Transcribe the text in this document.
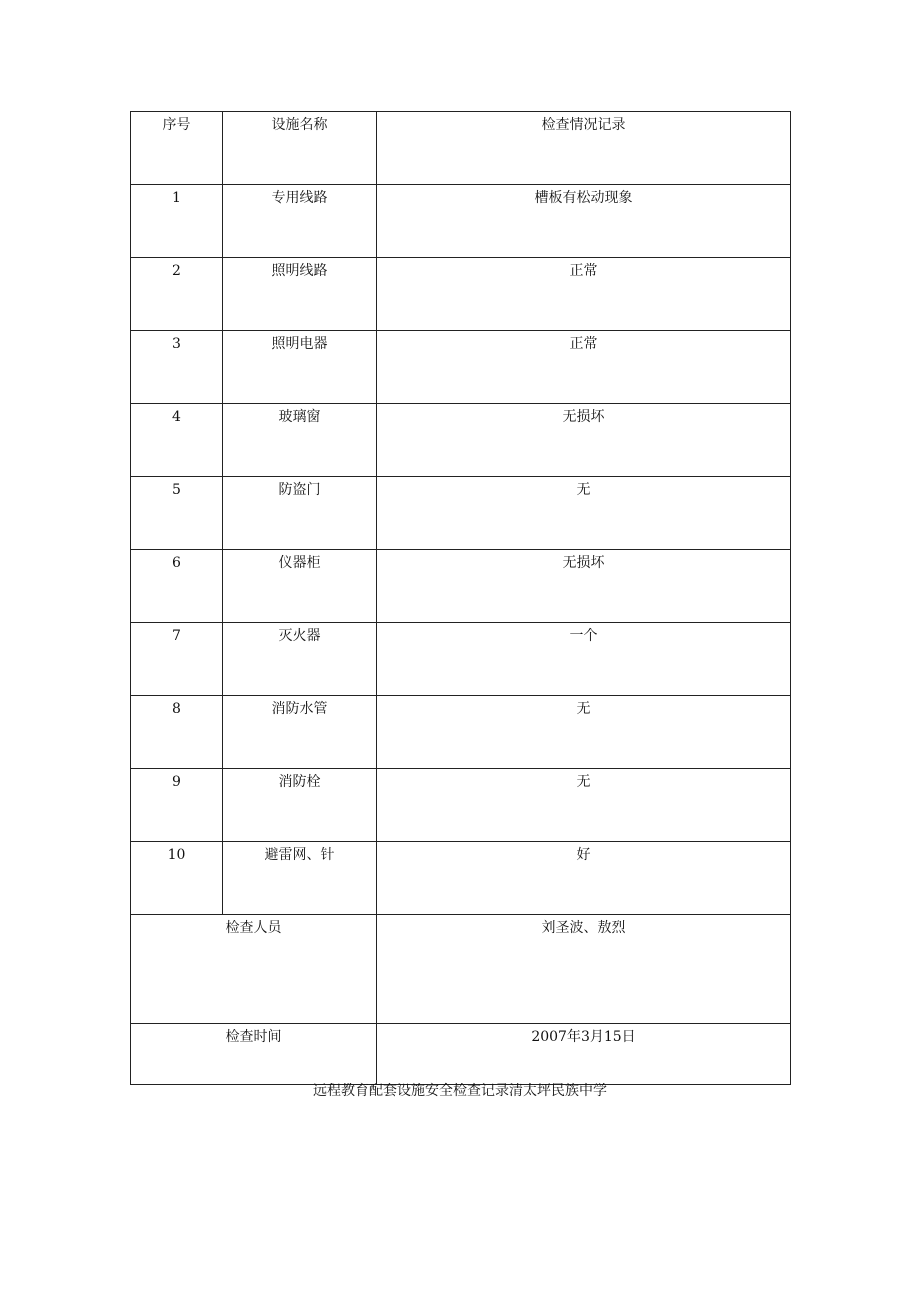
序号	设施名称	检查情况记录
1	专用线路	槽板有松动现象
2	照明线路	正常
3	照明电器	正常
4	玻璃窗	无损坏
5	防盗门	无
6	仪器柜	无损坏
7	灭火器	一个
8	消防水管	无
9	消防栓	无
10	避雷网、针	好
检查人员		刘圣波、敖烈
检查时间		2007年3月15日
远程教育配套设施安全检查记录清太坪民族中学
